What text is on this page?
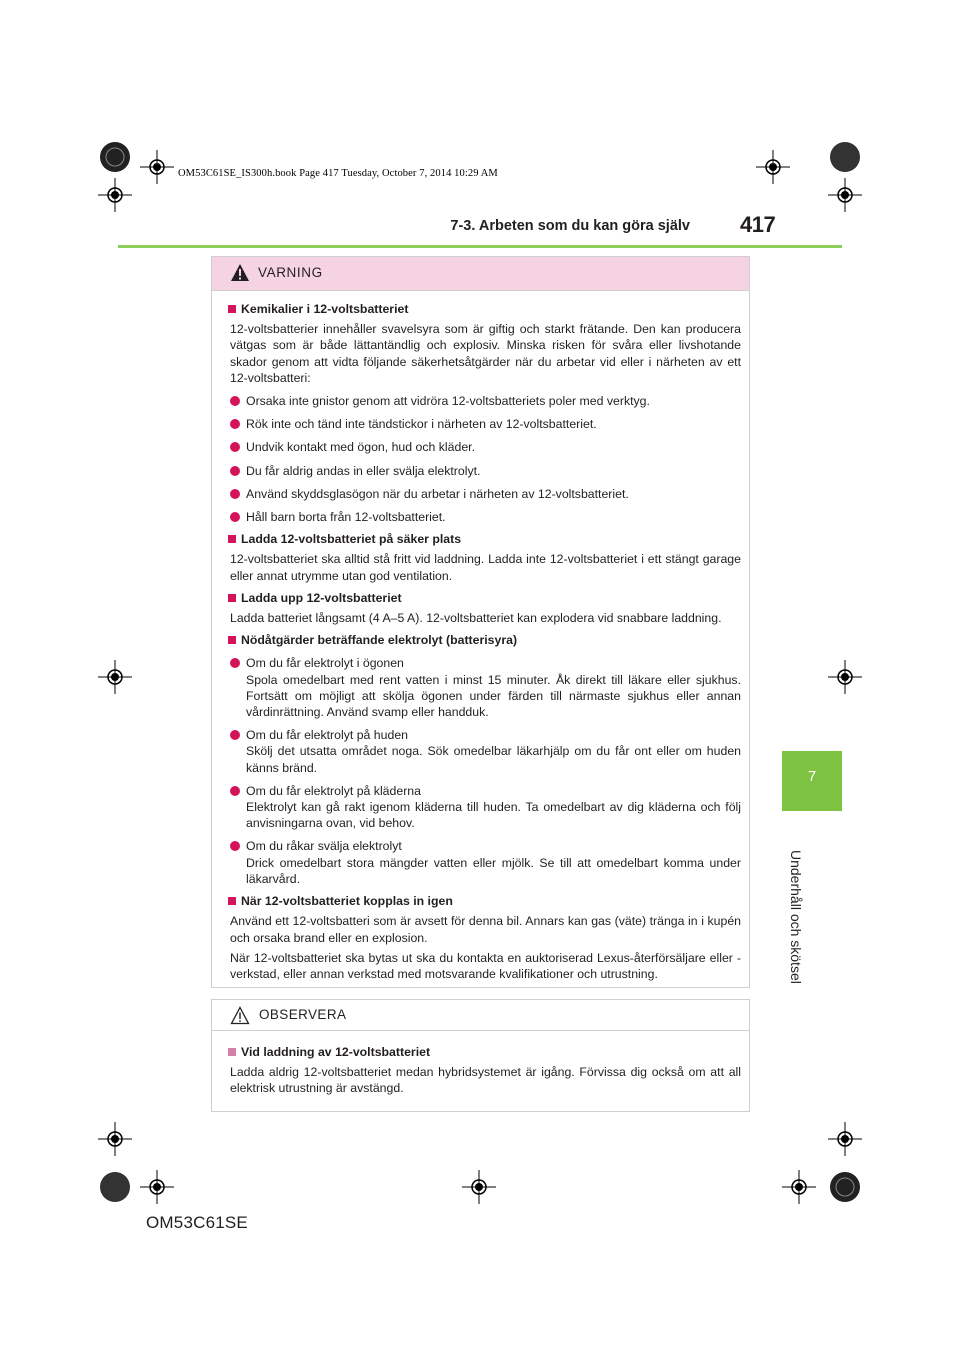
OM53C61SE_IS300h.book Page 417 Tuesday, October 7, 2014 10:29 AM
7-3. Arbeten som du kan göra själv 417
7
Underhåll och skötsel
VARNING

Kemikalier i 12-voltsbatteriet

12-voltsbatterier innehåller svavelsyra som är giftig och starkt frätande. Den kan producera vätgas som är både lättantändlig och explosiv. Minska risken för svåra eller livshotande skador genom att vidta följande säkerhetsåtgärder när du arbetar vid eller i närheten av ett 12-voltsbatteri:

Orsaka inte gnistor genom att vidröra 12-voltsbatteriets poler med verktyg.
Rök inte och tänd inte tändstickor i närheten av 12-voltsbatteriet.
Undvik kontakt med ögon, hud och kläder.
Du får aldrig andas in eller svälja elektrolyt.
Använd skyddsglasögon när du arbetar i närheten av 12-voltsbatteriet.
Håll barn borta från 12-voltsbatteriet.

Ladda 12-voltsbatteriet på säker plats

12-voltsbatteriet ska alltid stå fritt vid laddning. Ladda inte 12-voltsbatteriet i ett stängt garage eller annat utrymme utan god ventilation.

Ladda upp 12-voltsbatteriet

Ladda batteriet långsamt (4 A–5 A). 12-voltsbatteriet kan explodera vid snabbare laddning.

Nödåtgärder beträffande elektrolyt (batterisyra)

Om du får elektrolyt i ögonen
Spola omedelbart med rent vatten i minst 15 minuter. Åk direkt till läkare eller sjukhus. Fortsätt om möjligt att skölja ögonen under färden till närmaste sjukhus eller annan vårdinrättning. Använd svamp eller handduk.
Om du får elektrolyt på huden
Skölj det utsatta området noga. Sök omedelbar läkarhjälp om du får ont eller om huden känns bränd.
Om du får elektrolyt på kläderna
Elektrolyt kan gå rakt igenom kläderna till huden. Ta omedelbart av dig kläderna och följ anvisningarna ovan, vid behov.
Om du råkar svälja elektrolyt
Drick omedelbart stora mängder vatten eller mjölk. Se till att omedelbart komma under läkarvård.

När 12-voltsbatteriet kopplas in igen

Använd ett 12-voltsbatteri som är avsett för denna bil. Annars kan gas (väte) tränga in i kupén och orsaka brand eller en explosion.

När 12-voltsbatteriet ska bytas ut ska du kontakta en auktoriserad Lexus-återförsäljare eller -verkstad, eller annan verkstad med motsvarande kvalifikationer och utrustning.

OBSERVERA

Vid laddning av 12-voltsbatteriet

Ladda aldrig 12-voltsbatteriet medan hybridsystemet är igång. Förvissa dig också om att all elektrisk utrustning är avstängd.

OM53C61SE
